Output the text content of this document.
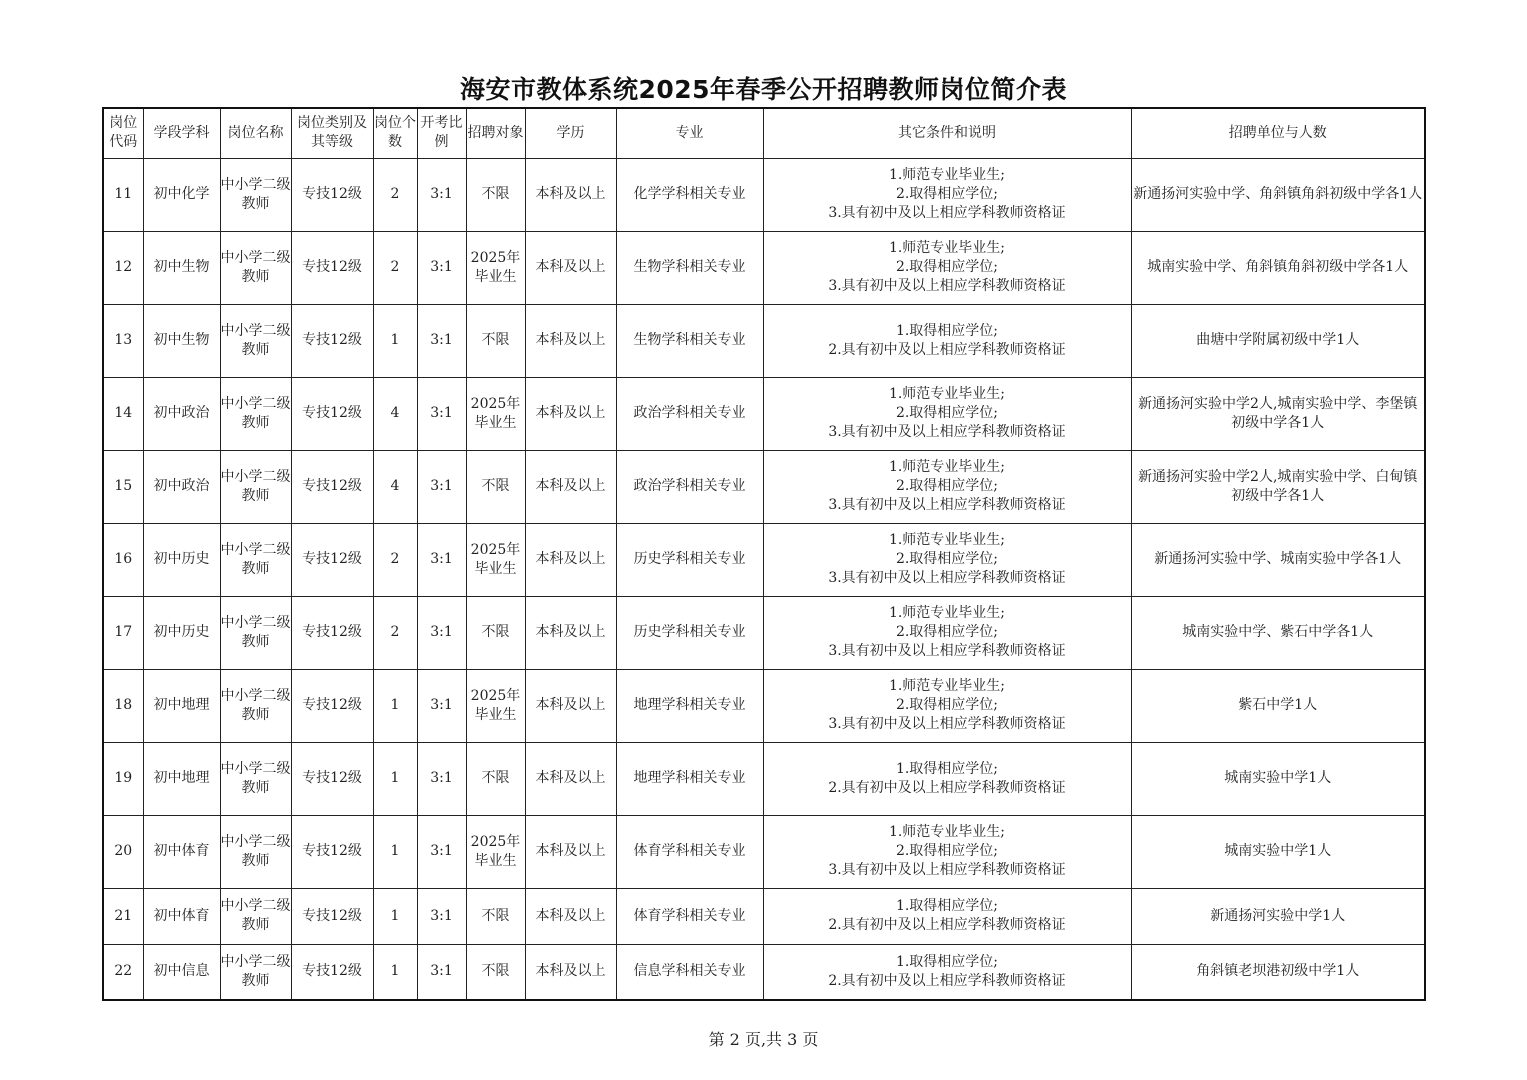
海安市教体系统2025年春季公开招聘教师岗位简介表
岗位代码	学段学科	岗位名称	岗位类别及其等级	岗位个数	开考比例	招聘对象	学历	专业	其它条件和说明	招聘单位与人数
11	初中化学	中小学二级教师	专技12级	2	3:1	不限	本科及以上	化学学科相关专业	1.师范专业毕业生;
2.取得相应学位;
3.具有初中及以上相应学科教师资格证	新通扬河实验中学、角斜镇角斜初级中学各1人

12	初中生物	中小学二级教师	专技12级	2	3:1	2025年毕业生	本科及以上	生物学科相关专业	1.师范专业毕业生;
2.取得相应学位;
3.具有初中及以上相应学科教师资格证	城南实验中学、角斜镇角斜初级中学各1人

13	初中生物	中小学二级教师	专技12级	1	3:1	不限	本科及以上	生物学科相关专业	1.取得相应学位;
2.具有初中及以上相应学科教师资格证	曲塘中学附属初级中学1人

14	初中政治	中小学二级教师	专技12级	4	3:1	2025年毕业生	本科及以上	政治学科相关专业	1.师范专业毕业生;
2.取得相应学位;
3.具有初中及以上相应学科教师资格证	新通扬河实验中学2人,城南实验中学、李堡镇初级中学各1人

15	初中政治	中小学二级教师	专技12级	4	3:1	不限	本科及以上	政治学科相关专业	1.师范专业毕业生;
2.取得相应学位;
3.具有初中及以上相应学科教师资格证	新通扬河实验中学2人,城南实验中学、白甸镇初级中学各1人

16	初中历史	中小学二级教师	专技12级	2	3:1	2025年毕业生	本科及以上	历史学科相关专业	1.师范专业毕业生;
2.取得相应学位;
3.具有初中及以上相应学科教师资格证	新通扬河实验中学、城南实验中学各1人

17	初中历史	中小学二级教师	专技12级	2	3:1	不限	本科及以上	历史学科相关专业	1.师范专业毕业生;
2.取得相应学位;
3.具有初中及以上相应学科教师资格证	城南实验中学、紫石中学各1人

18	初中地理	中小学二级教师	专技12级	1	3:1	2025年毕业生	本科及以上	地理学科相关专业	1.师范专业毕业生;
2.取得相应学位;
3.具有初中及以上相应学科教师资格证	紫石中学1人

19	初中地理	中小学二级教师	专技12级	1	3:1	不限	本科及以上	地理学科相关专业	1.取得相应学位;
2.具有初中及以上相应学科教师资格证	城南实验中学1人

20	初中体育	中小学二级教师	专技12级	1	3:1	2025年毕业生	本科及以上	体育学科相关专业	1.师范专业毕业生;
2.取得相应学位;
3.具有初中及以上相应学科教师资格证	城南实验中学1人

21	初中体育	中小学二级教师	专技12级	1	3:1	不限	本科及以上	体育学科相关专业	1.取得相应学位;
2.具有初中及以上相应学科教师资格证	新通扬河实验中学1人

22	初中信息	中小学二级教师	专技12级	1	3:1	不限	本科及以上	信息学科相关专业	1.取得相应学位;
2.具有初中及以上相应学科教师资格证	角斜镇老坝港初级中学1人
第 2 页,共 3 页
